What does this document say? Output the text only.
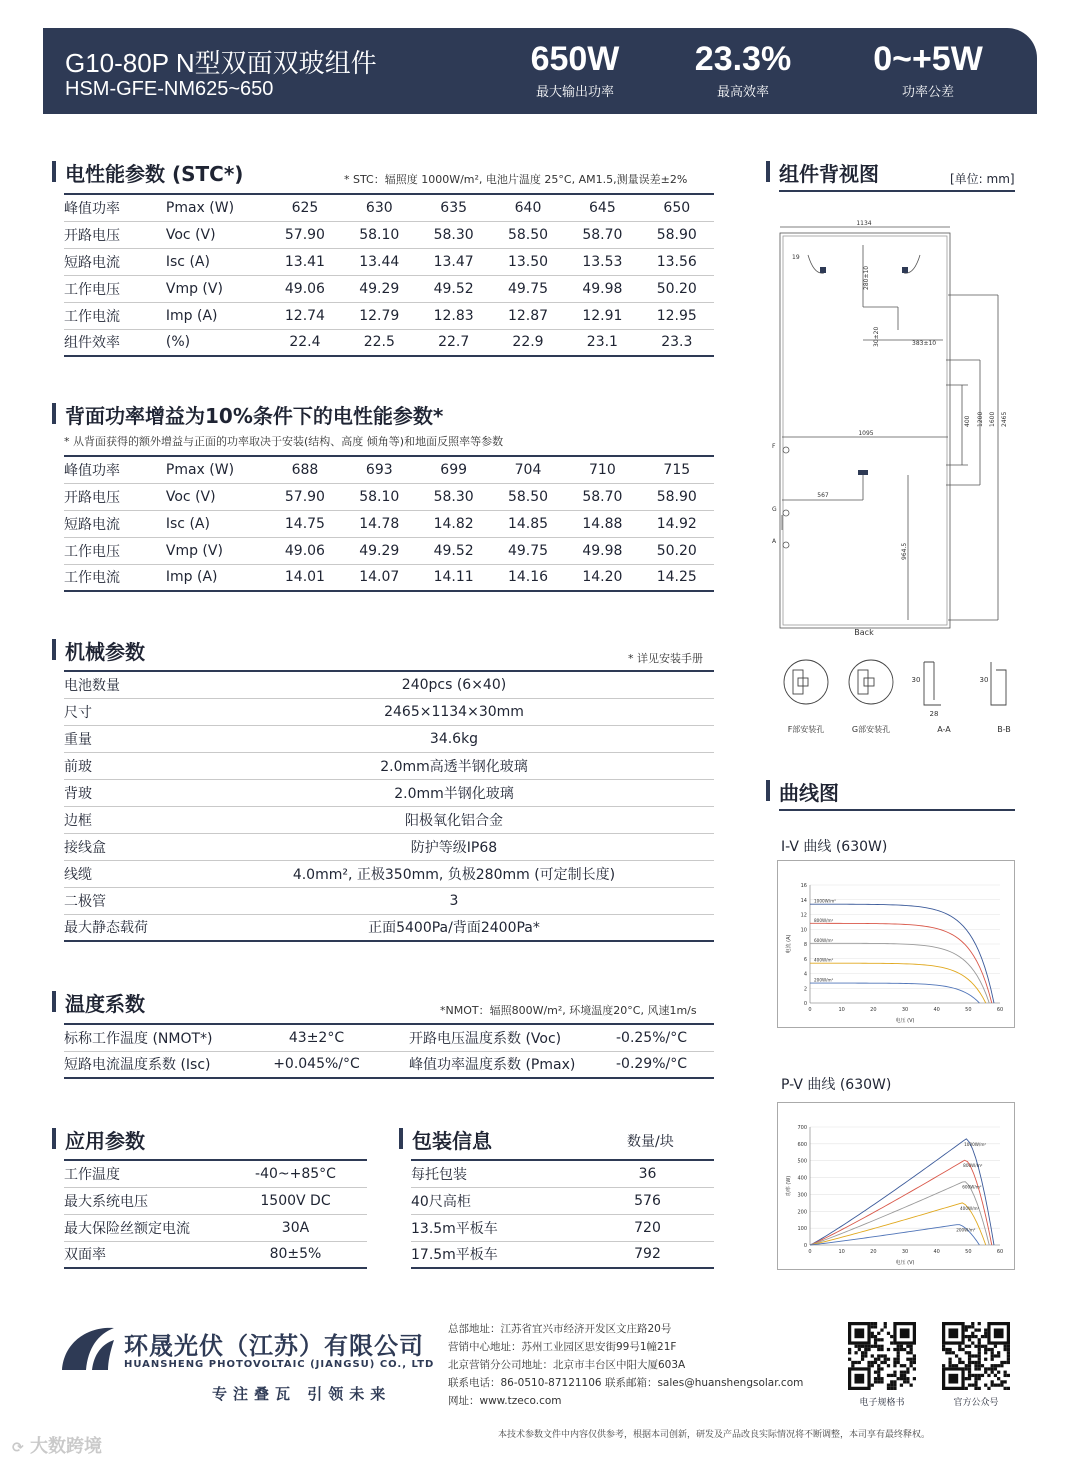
G10-80P N型双面双玻组件
HSM-GFE-NM625~650
650W
最大输出功率
23.3%
最高效率
0~+5W
功率公差
电性能参数 (STC*)	* STC：辐照度 1000W/m², 电池片温度 25°C, AM1.5,测量误差±2%
峰值功率	Pmax (W)	625	630	635	640	645	650
开路电压	Voc (V)	57.90	58.10	58.30	58.50	58.70	58.90
短路电流	Isc (A)	13.41	13.44	13.47	13.50	13.53	13.56
工作电压	Vmp (V)	49.06	49.29	49.52	49.75	49.98	50.20
工作电流	Imp (A)	12.74	12.79	12.83	12.87	12.91	12.95
组件效率	(%)	22.4	22.5	22.7	22.9	23.1	23.3
背面功率增益为10%条件下的电性能参数*
* 从背面获得的额外增益与正面的功率取决于安装(结构、高度 倾角等)和地面反照率等参数
峰值功率	Pmax (W)	688	693	699	704	710	715
开路电压	Voc (V)	57.90	58.10	58.30	58.50	58.70	58.90
短路电流	Isc (A)	14.75	14.78	14.82	14.85	14.88	14.92
工作电压	Vmp (V)	49.06	49.29	49.52	49.75	49.98	50.20
工作电流	Imp (A)	14.01	14.07	14.11	14.16	14.20	14.25
机械参数	* 详见安装手册
电池数量	240pcs (6×40)
尺寸	2465×1134×30mm
重量	34.6kg
前玻	2.0mm高透半钢化玻璃
背玻	2.0mm半钢化玻璃
边框	阳极氧化铝合金
接线盒	防护等级IP68
线缆	4.0mm², 正极350mm, 负极280mm (可定制长度)
二极管	3
最大静态载荷	正面5400Pa/背面2400Pa*
温度系数	*NMOT：辐照800W/m², 环境温度20°C, 风速1m/s
标称工作温度 (NMOT*)	43±2°C	开路电压温度系数 (Voc)	-0.25%/°C
短路电流温度系数 (Isc)	+0.045%/°C	峰值功率温度系数 (Pmax)	-0.29%/°C
应用参数
工作温度	-40~+85°C
最大系统电压	1500V DC
最大保险丝额定电流	30A
双面率	80±5%
包装信息	数量/块
每托包装	36
40尺高柜	576
13.5m平板车	720
17.5m平板车	792
组件背视图	[单位: mm]
1134
19
280±10
383±10
30±20
1095
567
400 1200 1600 2465
964.5
F
G
A
Back
F部安装孔	G部安装孔	A-A	B-B
30
28
30
曲线图
I-V 曲线 (630W)
0
2
4
6
8
10
12
14
16
0	10	20	30	40	50	60
电压 (V)
电流 (A)
1000W/m²
800W/m²
600W/m²
400W/m²
200W/m²
P-V 曲线 (630W)
0
100
200
300
400
500
600
700
0	10	20	30	40	50	60
电压 (V)
功率 (W)
1000W/m²
800W/m²
600W/m²
400W/m²
200W/m²
环晟光伏（江苏）有限公司
HUANSHENG PHOTOVOLTAIC (JIANGSU) CO., LTD
专注叠瓦 引领未来
总部地址：江苏省宜兴市经济开发区文庄路20号
营销中心地址：苏州工业园区思安街99号1幢21F
北京营销分公司地址：北京市丰台区中阳大厦603A
联系电话：86-0510-87121106 联系邮箱：sales@huanshengsolar.com
网址：www.tzeco.com	电子规格书	官方公众号
本技术参数文件中内容仅供参考，根据本司创新，研发及产品改良实际情况将不断调整，本司享有最终释权。
⟳ 大数跨境
